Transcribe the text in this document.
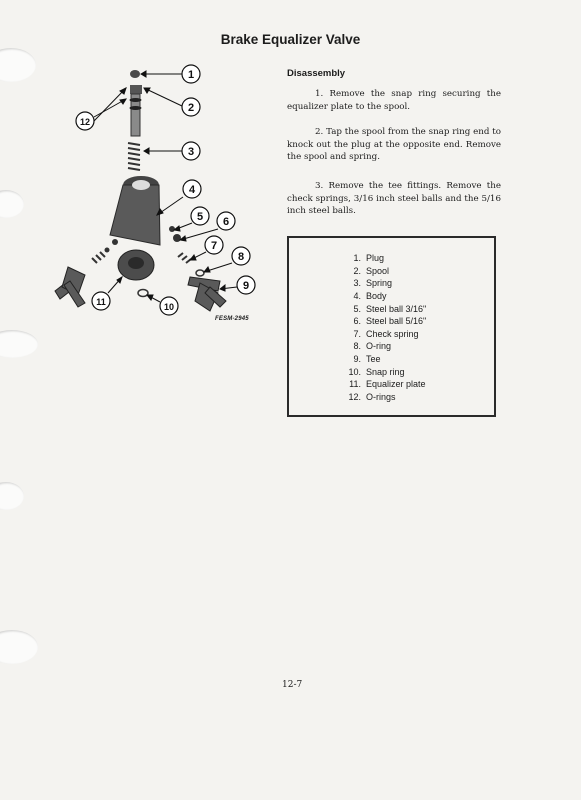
Brake Equalizer Valve
1
2
3
4
5 6
7
8
9
10
11
12
FESM-2945
Disassembly

1. Remove the snap ring securing the equalizer plate to the spool.

2. Tap the spool from the snap ring end to knock out the plug at the opposite end. Remove the spool and spring.

3. Remove the tee fittings. Remove the check springs, 3/16 inch steel balls and the 5/16 inch steel balls.

1. Plug
2. Spool
3. Spring
4. Body
5. Steel ball 3/16"
6. Steel ball 5/16"
7. Check spring
8. O-ring
9. Tee
10. Snap ring
11. Equalizer plate
12. O-rings
12-7
